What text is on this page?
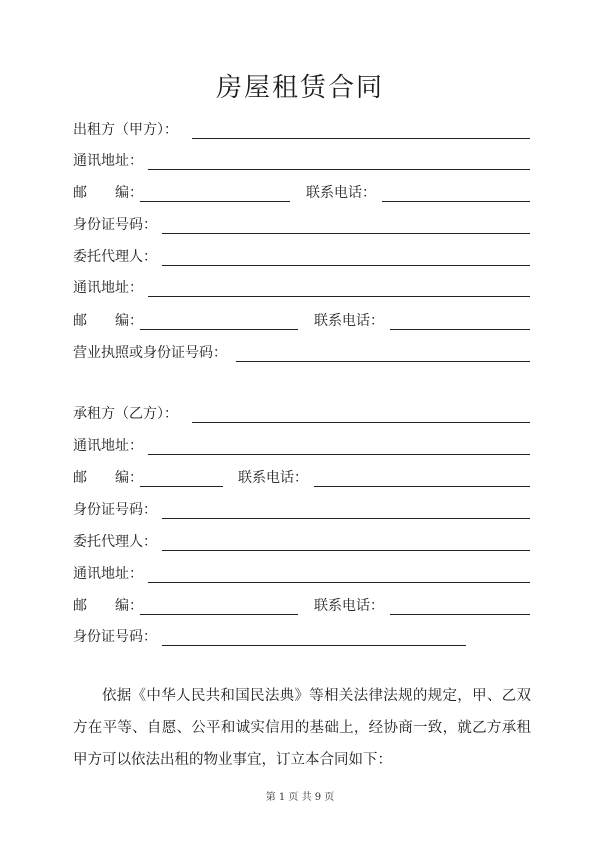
房屋租赁合同
出租方（甲方）：
通讯地址：
邮　　编：	联系电话：
身份证号码：
委托代理人：
通讯地址：
邮　　编：	联系电话：
营业执照或身份证号码：
承租方（乙方）：
通讯地址：
邮　　编：	联系电话：
身份证号码：
委托代理人：
通讯地址：
邮　　编：	联系电话：
身份证号码：

依据《中华人民共和国民法典》等相关法律法规的规定，甲、乙双方在平等、自愿、公平和诚实信用的基础上，经协商一致，就乙方承租甲方可以依法出租的物业事宜，订立本合同如下：

第 1 页 共 9 页
